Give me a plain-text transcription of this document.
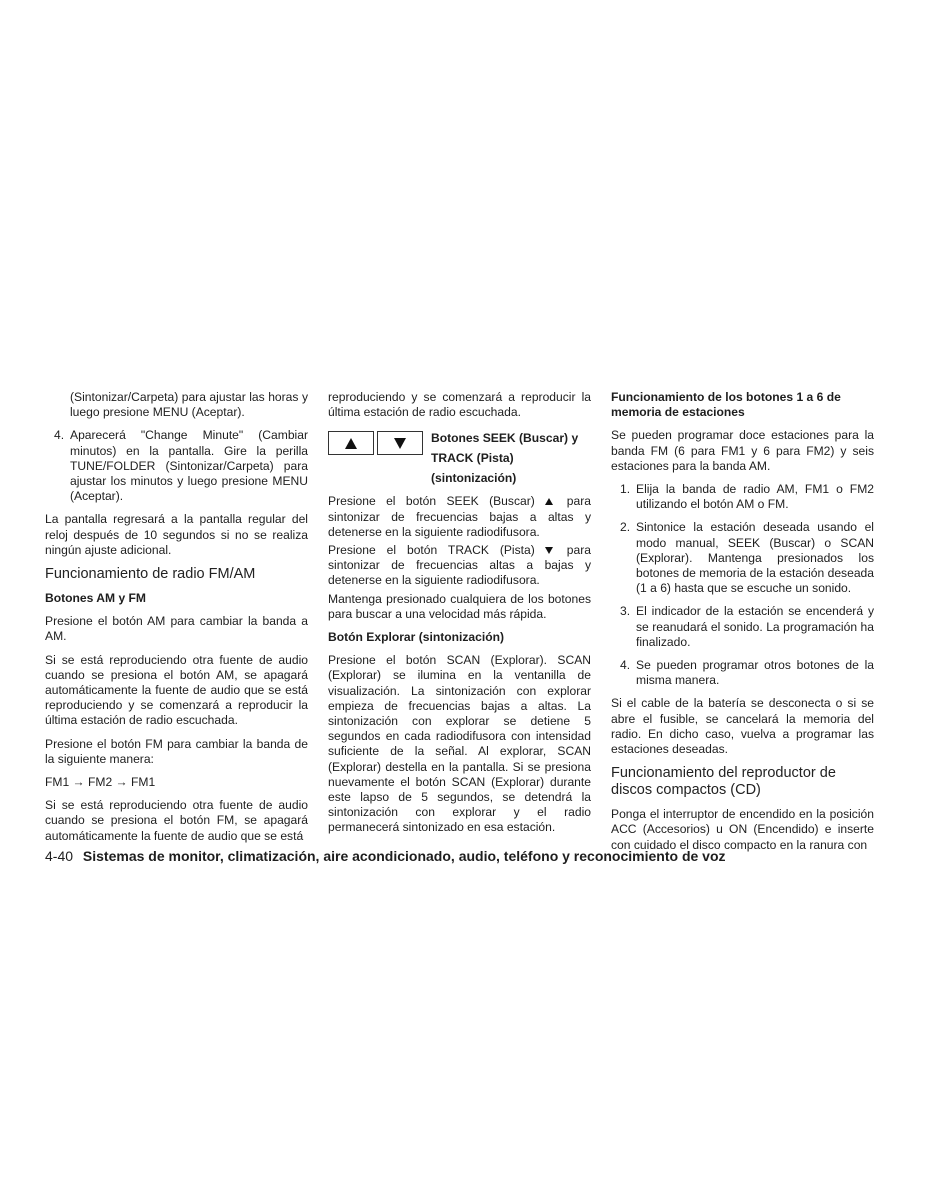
(Sintonizar/Carpeta) para ajustar las horas y luego presione MENU (Aceptar).

4. Aparecerá "Change Minute" (Cambiar minutos) en la pantalla. Gire la perilla TUNE/FOLDER (Sintonizar/Carpeta) para ajustar los minutos y luego presione MENU (Aceptar).

La pantalla regresará a la pantalla regular del reloj después de 10 segundos si no se realiza ningún ajuste adicional.

Funcionamiento de radio FM/AM
Botones AM y FM

Presione el botón AM para cambiar la banda a AM.

Si se está reproduciendo otra fuente de audio cuando se presiona el botón AM, se apagará automáticamente la fuente de audio que se está reproduciendo y se comenzará a reproducir la última estación de radio escuchada.

Presione el botón FM para cambiar la banda de la siguiente manera:

FM1 → FM2 → FM1

Si se está reproduciendo otra fuente de audio cuando se presiona el botón FM, se apagará automáticamente la fuente de audio que se está

reproduciendo y se comenzará a reproducir la última estación de radio escuchada.

Botones SEEK (Buscar) y TRACK (Pista) (sintonización)

Presione el botón SEEK (Buscar)	para sintonizar de frecuencias bajas a altas y detenerse en la siguiente radiodifusora.

Presione el botón TRACK (Pista)	para sintonizar de frecuencias altas a bajas y detenerse en la siguiente radiodifusora.

Mantenga presionado cualquiera de los botones para buscar a una velocidad más rápida.

Botón Explorar (sintonización)

Presione el botón SCAN (Explorar). SCAN (Explorar) se ilumina en la ventanilla de visualización. La sintonización con explorar empieza de frecuencias bajas a altas. La sintonización con explorar se detiene 5 segundos en cada radiodifusora con intensidad suficiente de la señal. Al explorar, SCAN (Explorar) destella en la pantalla. Si se presiona nuevamente el botón SCAN (Explorar) durante este lapso de 5 segundos, se detendrá la sintonización con explorar y el radio permanecerá sintonizado en esa estación.

Funcionamiento de los botones 1 a 6 de memoria de estaciones

Se pueden programar doce estaciones para la banda FM (6 para FM1 y 6 para FM2) y seis estaciones para la banda AM.

1. Elija la banda de radio AM, FM1 o FM2 utilizando el botón AM o FM.
2. Sintonice la estación deseada usando el modo manual, SEEK (Buscar) o SCAN (Explorar). Mantenga presionados los botones de memoria de la estación deseada (1 a 6) hasta que se escuche un sonido.
3. El indicador de la estación se encenderá y se reanudará el sonido. La programación ha finalizado.
4. Se pueden programar otros botones de la misma manera.

Si el cable de la batería se desconecta o si se abre el fusible, se cancelará la memoria del radio. En dicho caso, vuelva a programar las estaciones deseadas.

Funcionamiento del reproductor de discos compactos (CD)

Ponga el interruptor de encendido en la posición ACC (Accesorios) u ON (Encendido) e inserte con cuidado el disco compacto en la ranura con

4-40 Sistemas de monitor, climatización, aire acondicionado, audio, teléfono y reconocimiento de voz
